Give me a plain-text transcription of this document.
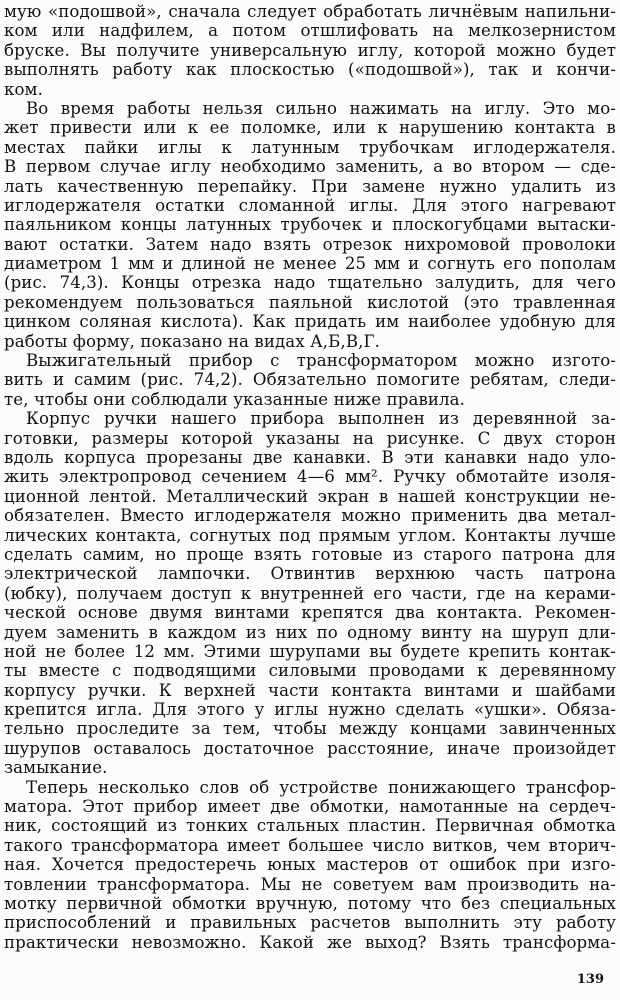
мую «подошвой», сначала следует обработать личнёвым напильни-
ком или надфилем, а потом отшлифовать на мелкозернистом
бруске. Вы получите универсальную иглу, которой можно будет
выполнять работу как плоскостью («подошвой»), так и кончи-
ком.
Во время работы нельзя сильно нажимать на иглу. Это мо-
жет привести или к ее поломке, или к нарушению контакта в
местах пайки иглы к латунным трубочкам иглодержателя.
В первом случае иглу необходимо заменить, а во втором — сде-
лать качественную перепайку. При замене нужно удалить из
иглодержателя остатки сломанной иглы. Для этого нагревают
паяльником концы латунных трубочек и плоскогубцами вытаски-
вают остатки. Затем надо взять отрезок нихромовой проволоки
диаметром 1 мм и длиной не менее 25 мм и согнуть его пополам
(рис. 74,3). Концы отрезка надо тщательно залудить, для чего
рекомендуем пользоваться паяльной кислотой (это травленная
цинком соляная кислота). Как придать им наиболее удобную для
работы форму, показано на видах А,Б,В,Г.
Выжигательный прибор с трансформатором можно изгото-
вить и самим (рис. 74,2). Обязательно помогите ребятам, следи-
те, чтобы они соблюдали указанные ниже правила.
Корпус ручки нашего прибора выполнен из деревянной за-
готовки, размеры которой указаны на рисунке. С двух сторон
вдоль корпуса прорезаны две канавки. В эти канавки надо уло-
жить электропровод сечением 4—6 мм². Ручку обмотайте изоля-
ционной лентой. Металлический экран в нашей конструкции не-
обязателен. Вместо иглодержателя можно применить два метал-
лических контакта, согнутых под прямым углом. Контакты лучше
сделать самим, но проще взять готовые из старого патрона для
электрической лампочки. Отвинтив верхнюю часть патрона
(юбку), получаем доступ к внутренней его части, где на керами-
ческой основе двумя винтами крепятся два контакта. Рекомен-
дуем заменить в каждом из них по одному винту на шуруп дли-
ной не более 12 мм. Этими шурупами вы будете крепить контак-
ты вместе с подводящими силовыми проводами к деревянному
корпусу ручки. К верхней части контакта винтами и шайбами
крепится игла. Для этого у иглы нужно сделать «ушки». Обяза-
тельно проследите за тем, чтобы между концами завинченных
шурупов оставалось достаточное расстояние, иначе произойдет
замыкание.
Теперь несколько слов об устройстве понижающего трансфор-
матора. Этот прибор имеет две обмотки, намотанные на сердеч-
ник, состоящий из тонких стальных пластин. Первичная обмотка
такого трансформатора имеет большее число витков, чем вторич-
ная. Хочется предостеречь юных мастеров от ошибок при изго-
товлении трансформатора. Мы не советуем вам производить на-
мотку первичной обмотки вручную, потому что без специальных
приспособлений и правильных расчетов выполнить эту работу
практически невозможно. Какой же выход? Взять трансформа-
139
